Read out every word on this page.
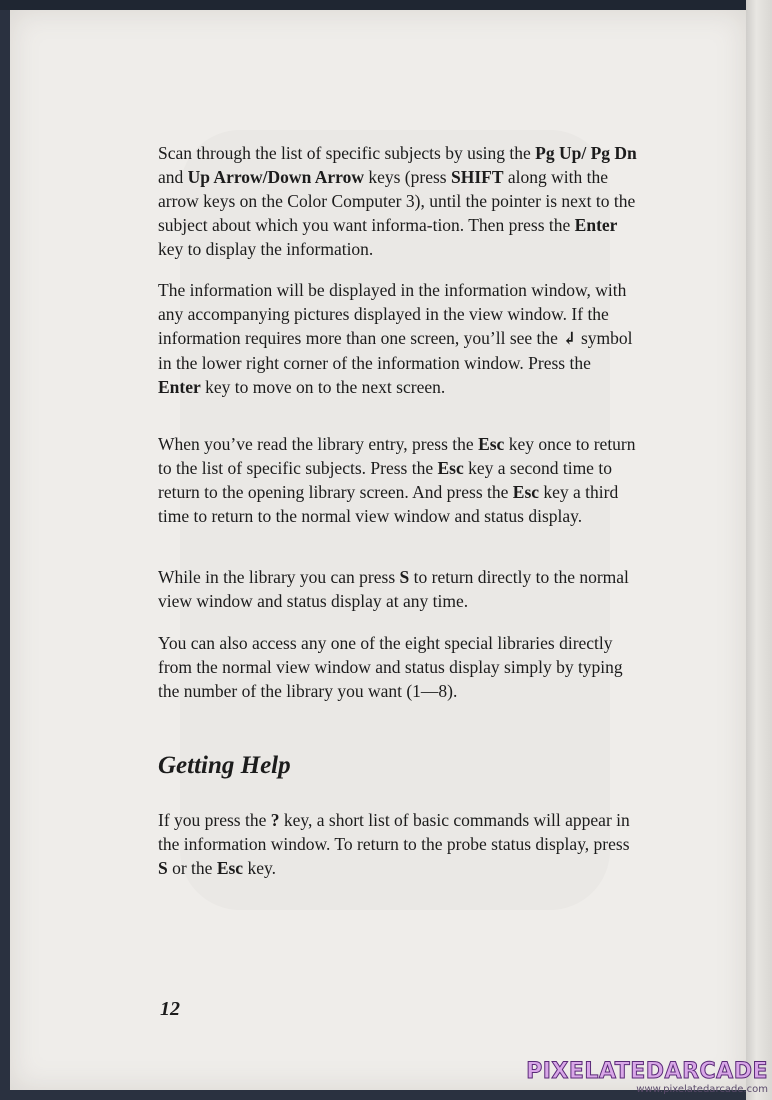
Scan through the list of specific subjects by using the Pg Up/ Pg Dn and Up Arrow/Down Arrow keys (press SHIFT along with the arrow keys on the Color Computer 3), until the pointer is next to the subject about which you want informa-tion. Then press the Enter key to display the information.

The information will be displayed in the information window, with any accompanying pictures displayed in the view window. If the information requires more than one screen, you’ll see the ↲ symbol in the lower right corner of the information window. Press the Enter key to move on to the next screen.

When you’ve read the library entry, press the Esc key once to return to the list of specific subjects. Press the Esc key a second time to return to the opening library screen. And press the Esc key a third time to return to the normal view window and status display.

While in the library you can press S to return directly to the normal view window and status display at any time.

You can also access any one of the eight special libraries directly from the normal view window and status display simply by typing the number of the library you want (1—8).

Getting Help

If you press the ? key, a short list of basic commands will appear in the information window. To return to the probe status display, press S or the Esc key.

12
PIXELATEDARCADE
www.pixelatedarcade.com
